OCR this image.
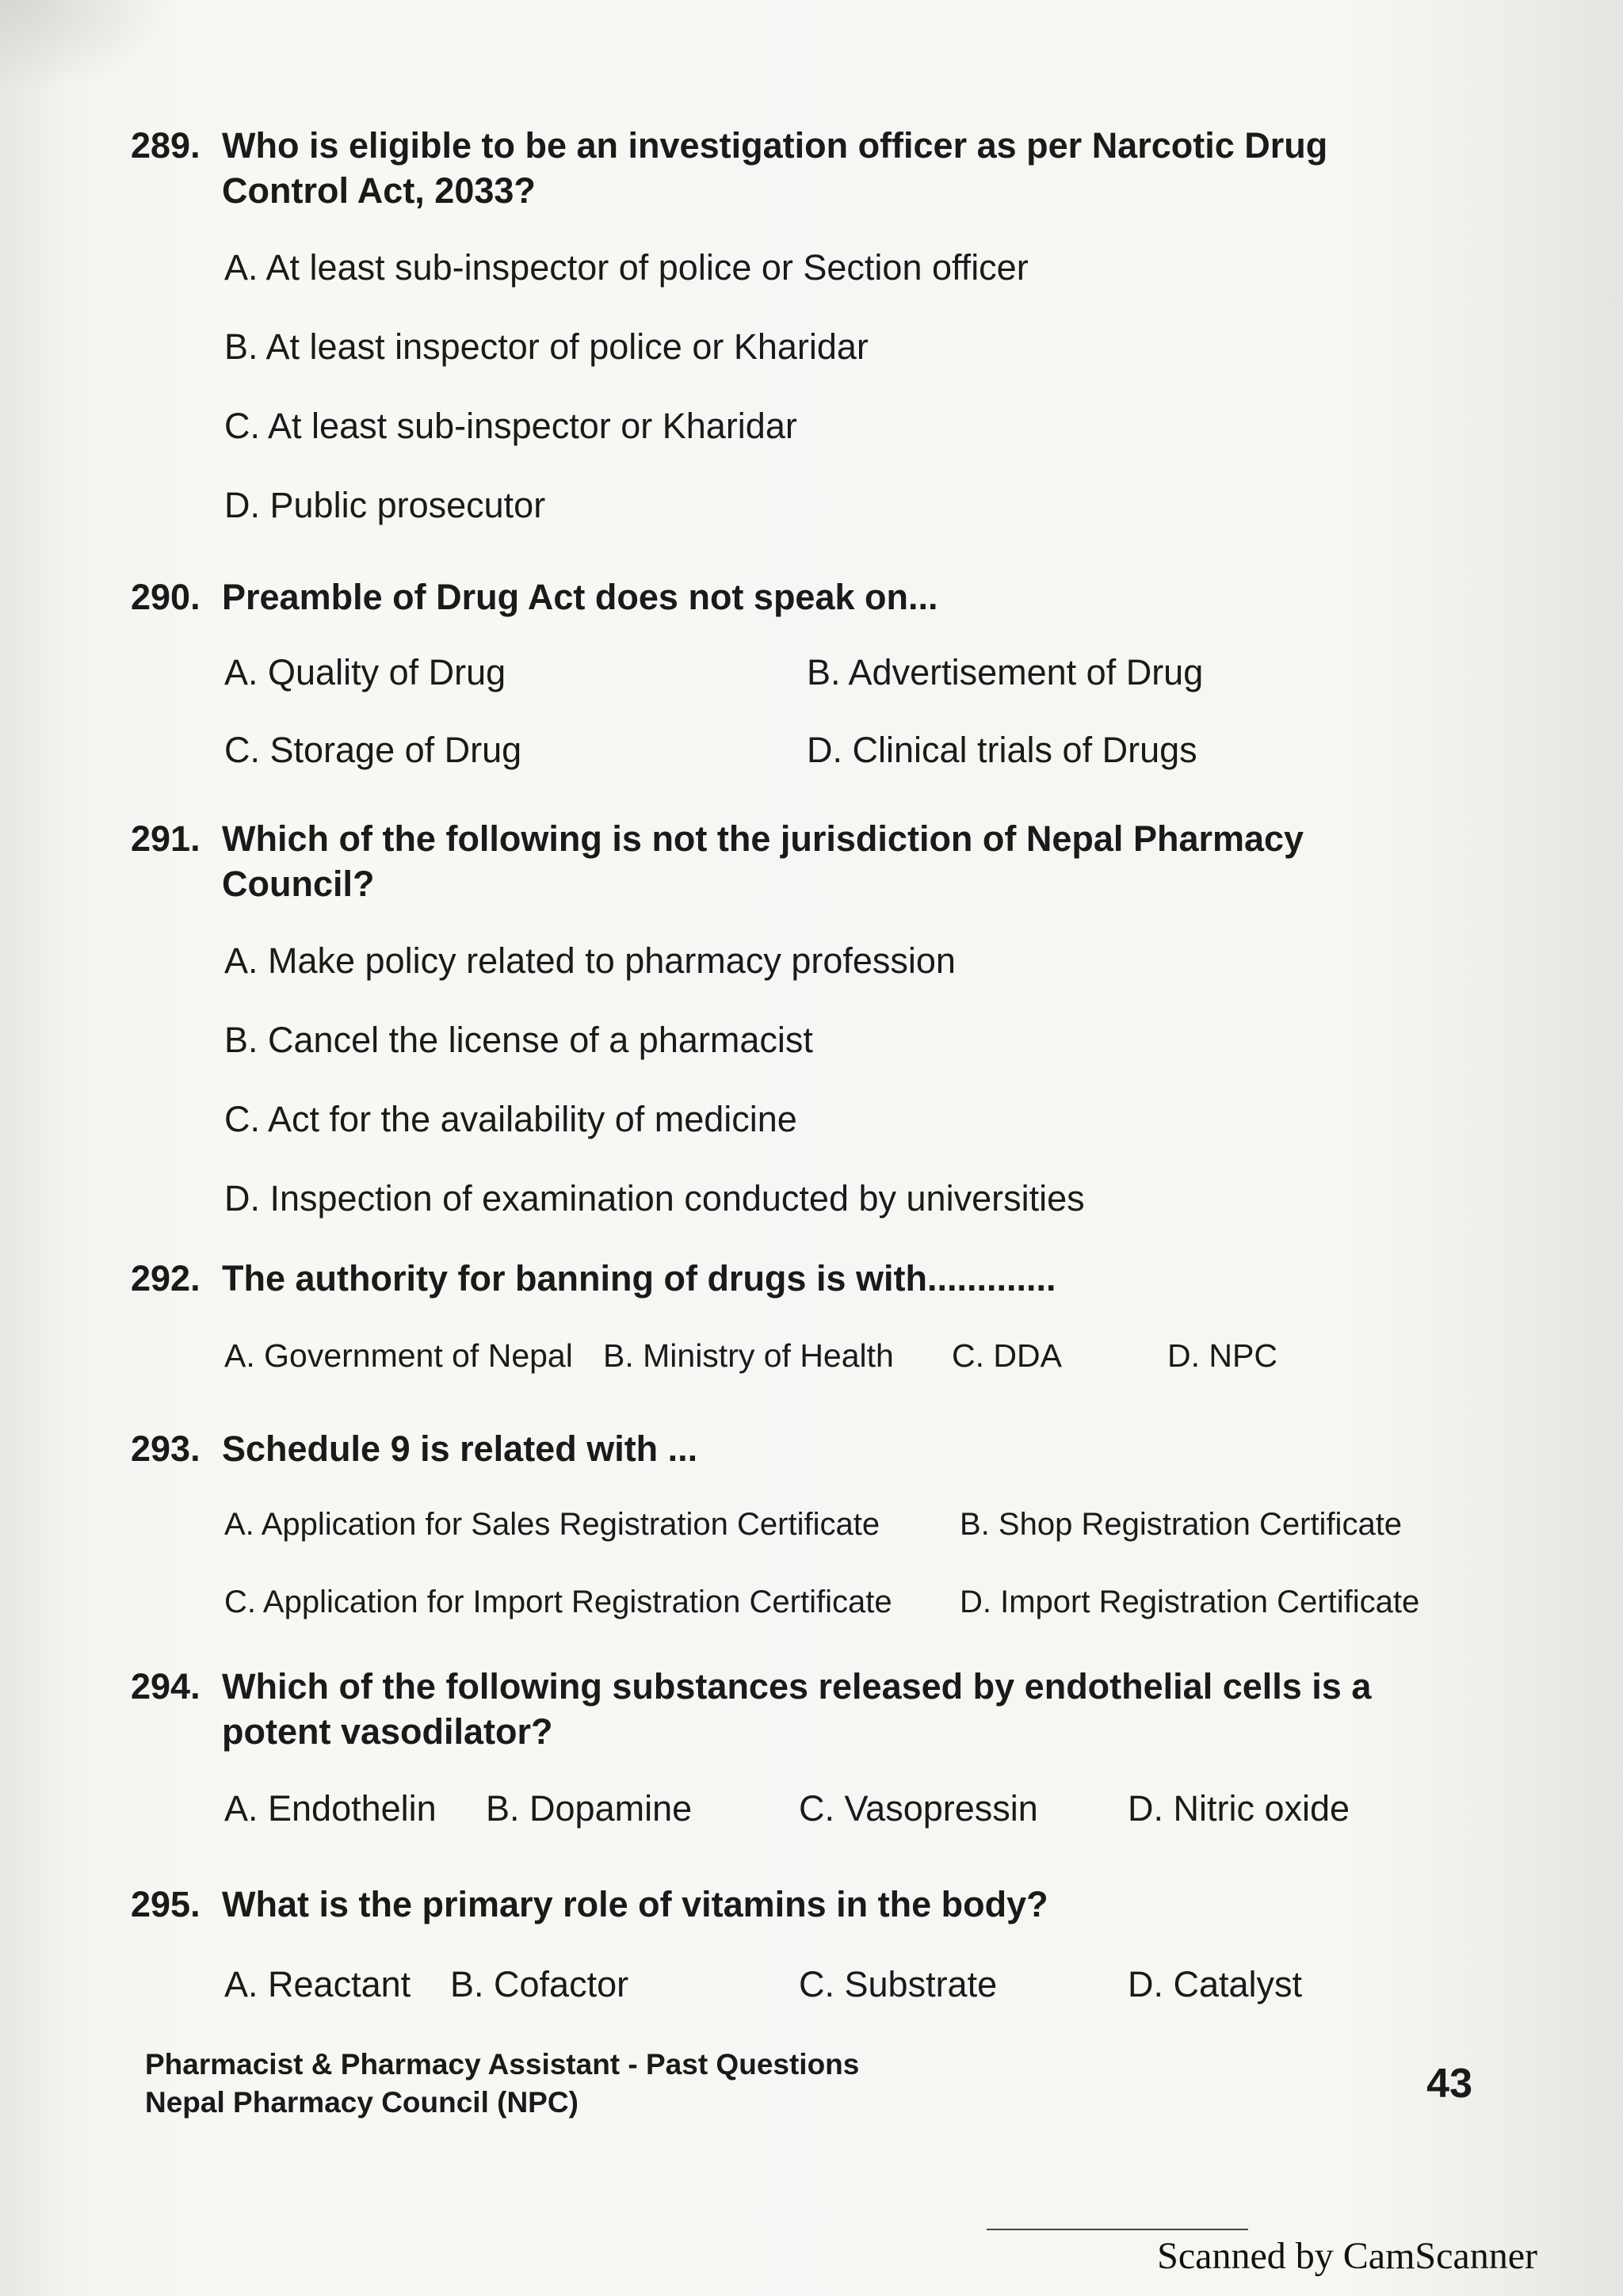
289. Who is eligible to be an investigation officer as per Narcotic Drug Control Act, 2033?
A. At least sub-inspector of police or Section officer
B. At least inspector of police or Kharidar
C. At least sub-inspector or Kharidar
D. Public prosecutor
290. Preamble of Drug Act does not speak on...
A. Quality of Drug	B. Advertisement of Drug
C. Storage of Drug	D. Clinical trials of Drugs
291. Which of the following is not the jurisdiction of Nepal Pharmacy Council?
A. Make policy related to pharmacy profession
B. Cancel the license of a pharmacist
C. Act for the availability of medicine
D. Inspection of examination conducted by universities
292. The authority for banning of drugs is with.............
A. Government of Nepal B. Ministry of Health	C. DDA	D. NPC
293. Schedule 9 is related with ...
A. Application for Sales Registration Certificate	B. Shop Registration Certificate
C. Application for Import Registration Certificate	D. Import Registration Certificate
294. Which of the following substances released by endothelial cells is a potent vasodilator?
A. Endothelin	B. Dopamine	C. Vasopressin	D. Nitric oxide
295. What is the primary role of vitamins in the body?
A. Reactant	B. Cofactor	C. Substrate	D. Catalyst
Pharmacist & Pharmacy Assistant - Past Questions
Nepal Pharmacy Council (NPC)	43
Scanned by CamScanner
